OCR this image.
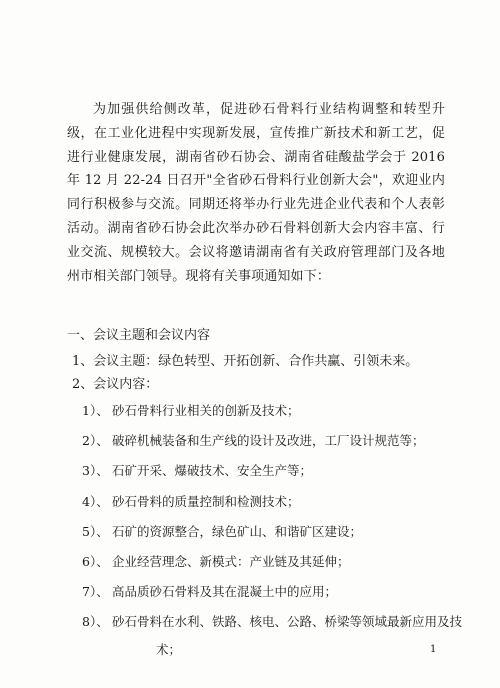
为加强供给侧改革，促进砂石骨料行业结构调整和转型升级，在工业化进程中实现新发展，宣传推广新技术和新工艺，促进行业健康发展，湖南省砂石协会、湖南省硅酸盐学会于 2016 年 12 月 22-24 日召开"全省砂石骨料行业创新大会"，欢迎业内同行积极参与交流。同期还将举办行业先进企业代表和个人表彰活动。湖南省砂石协会此次举办砂石骨料创新大会内容丰富、行业交流、规模较大。会议将邀请湖南省有关政府管理部门及各地州市相关部门领导。现将有关事项通知如下：

一、会议主题和会议内容
1、会议主题：绿色转型、开拓创新、合作共赢、引领未来。
2、会议内容：
1）、 砂石骨料行业相关的创新及技术；
2）、 破碎机械装备和生产线的设计及改进，工厂设计规范等；
3）、 石矿开采、爆破技术、安全生产等；
4）、 砂石骨料的质量控制和检测技术；
5）、 石矿的资源整合，绿色矿山、和谐矿区建设；
6）、 企业经营理念、新模式：产业链及其延伸；
7）、 高品质砂石骨料及其在混凝土中的应用；
8）、 砂石骨料在水利、铁路、核电、公路、桥梁等领域最新应用及技
术；	1
